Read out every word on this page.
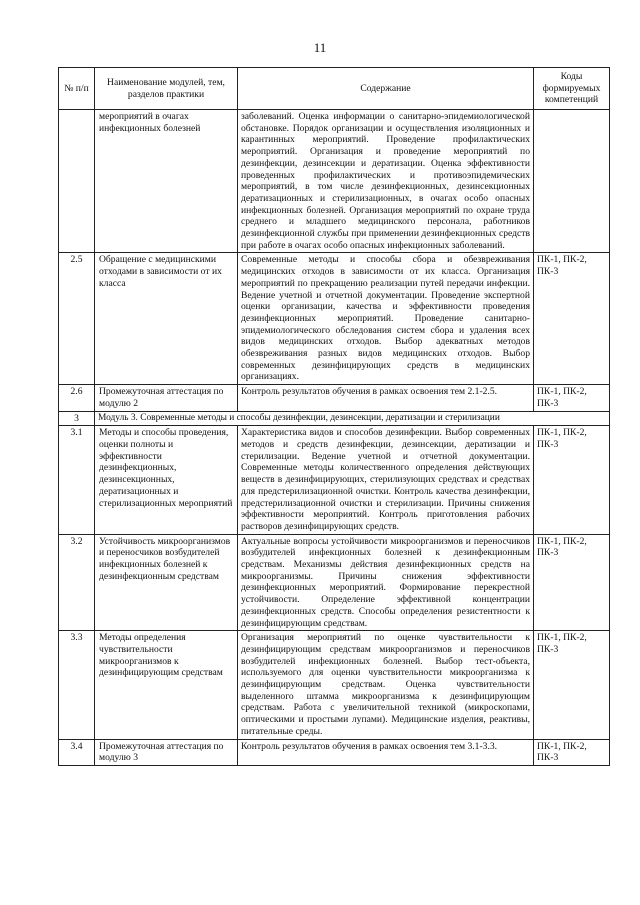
11
№ п/п	Наименование модулей, тем, разделов практики	Содержание	Коды формируемых компетенций
	мероприятий в очагах инфекционных болезней	заболеваний. Оценка информации о санитарно-эпидемиологической обстановке. Порядок организации и осуществления изоляционных и карантинных мероприятий. Проведение профилактических мероприятий. Организация и проведение мероприятий по дезинфекции, дезинсекции и дератизации. Оценка эффективности проведенных профилактических и противоэпидемических мероприятий, в том числе дезинфекционных, дезинсекционных дератизационных и стерилизационных, в очагах особо опасных инфекционных болезней. Организация мероприятий по охране труда среднего и младшего медицинского персонала, работников дезинфекционной службы при применении дезинфекционных средств при работе в очагах особо опасных инфекционных заболеваний.	
2.5	Обращение с медицинскими отходами в зависимости от их класса	Современные методы и способы сбора и обезвреживания медицинских отходов в зависимости от их класса. Организация мероприятий по прекращению реализации путей передачи инфекции. Ведение учетной и отчетной документации. Проведение экспертной оценки организации, качества и эффективности проведения дезинфекционных мероприятий. Проведение санитарно-эпидемиологического обследования систем сбора и удаления всех видов медицинских отходов. Выбор адекватных методов обезвреживания разных видов медицинских отходов. Выбор современных дезинфицирующих средств в медицинских организациях.	ПК-1, ПК-2, ПК-3
2.6	Промежуточная аттестация по модулю 2	Контроль результатов обучения в рамках освоения тем 2.1-2.5.	ПК-1, ПК-2, ПК-3
3	Модуль 3. Современные методы и способы дезинфекции, дезинсекции, дератизации и стерилизации		
3.1	Методы и способы проведения, оценки полноты и эффективности дезинфекционных, дезинсекционных, дератизационных и стерилизационных мероприятий	Характеристика видов и способов дезинфекции. Выбор современных методов и средств дезинфекции, дезинсекции, дератизации и стерилизации. Ведение учетной и отчетной документации. Современные методы количественного определения действующих веществ в дезинфицирующих, стерилизующих средствах и средствах для предстерилизационной очистки. Контроль качества дезинфекции, предстерилизационной очистки и стерилизации. Причины снижения эффективности мероприятий. Контроль приготовления рабочих растворов дезинфицирующих средств.	ПК-1, ПК-2, ПК-3
3.2	Устойчивость микроорганизмов и переносчиков возбудителей инфекционных болезней к дезинфекционным средствам	Актуальные вопросы устойчивости микроорганизмов и переносчиков возбудителей инфекционных болезней к дезинфекционным средствам. Механизмы действия дезинфекционных средств на микроорганизмы. Причины снижения эффективности дезинфекционных мероприятий. Формирование перекрестной устойчивости. Определение эффективной концентрации дезинфекционных средств. Способы определения резистентности к дезинфицирующим средствам.	ПК-1, ПК-2, ПК-3
3.3	Методы определения чувствительности микроорганизмов к дезинфицирующим средствам	Организация мероприятий по оценке чувствительности к дезинфицирующим средствам микроорганизмов и переносчиков возбудителей инфекционных болезней. Выбор тест-объекта, используемого для оценки чувствительности микроорганизма к дезинфицирующим средствам. Оценка чувствительности выделенного штамма микроорганизма к дезинфицирующим средствам. Работа с увеличительной техникой (микроскопами, оптическими и простыми лупами). Медицинские изделия, реактивы, питательные среды.	ПК-1, ПК-2, ПК-3
3.4	Промежуточная аттестация по модулю 3	Контроль результатов обучения в рамках освоения тем 3.1-3.3.	ПК-1, ПК-2, ПК-3
